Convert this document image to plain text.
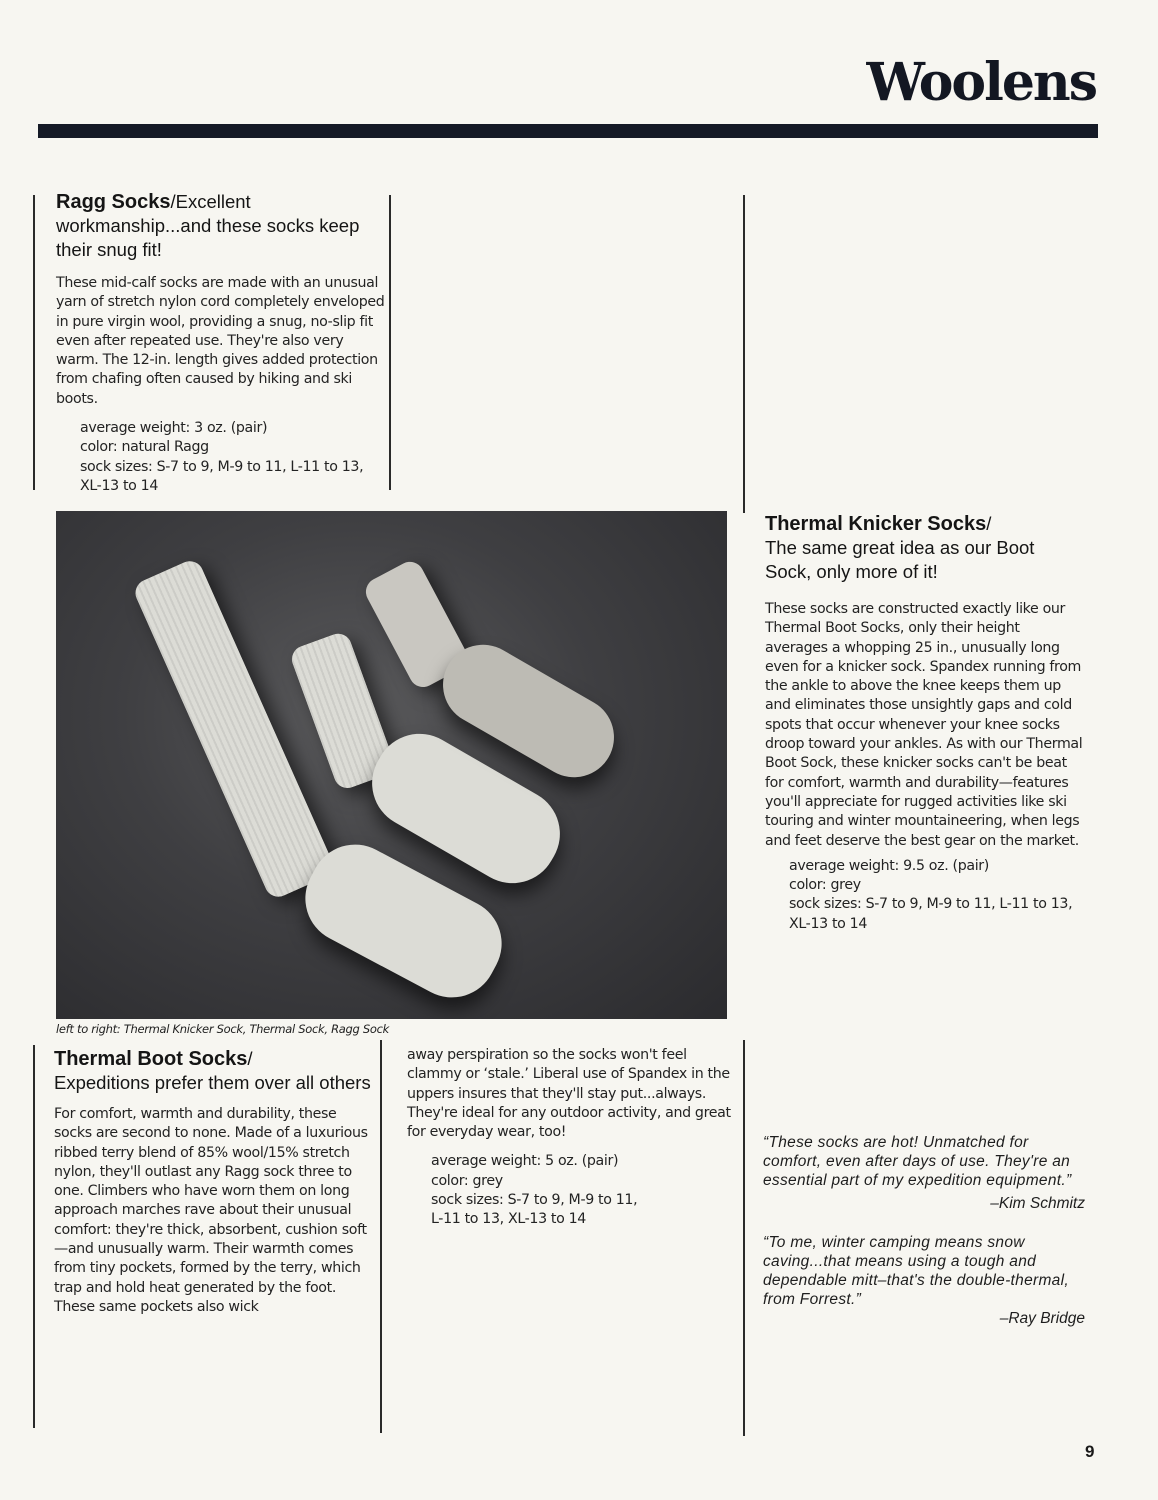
Woolens

Ragg Socks/Excellent workmanship...and these socks keep their snug fit!

These mid-calf socks are made with an unusual yarn of stretch nylon cord completely enveloped in pure virgin wool, providing a snug, no-slip fit even after repeated use. They're also very warm. The 12-in. length gives added protection from chafing often caused by hiking and ski boots.

average weight: 3 oz. (pair)
color: natural Ragg
sock sizes: S-7 to 9, M-9 to 11, L-11 to 13,
XL-13 to 14
left to right: Thermal Knicker Sock, Thermal Sock, Ragg Sock

Thermal Knicker Socks/
The same great idea as our Boot Sock, only more of it!

These socks are constructed exactly like our Thermal Boot Socks, only their height averages a whopping 25 in., unusually long even for a knicker sock. Spandex running from the ankle to above the knee keeps them up and eliminates those unsightly gaps and cold spots that occur whenever your knee socks droop toward your ankles. As with our Thermal Boot Sock, these knicker socks can't be beat for comfort, warmth and durability—features you'll appreciate for rugged activities like ski touring and winter mountaineering, when legs and feet deserve the best gear on the market.

average weight: 9.5 oz. (pair)
color: grey
sock sizes: S-7 to 9, M-9 to 11, L-11 to 13,
XL-13 to 14

Thermal Boot Socks/
Expeditions prefer them over all others

For comfort, warmth and durability, these socks are second to none. Made of a luxurious ribbed terry blend of 85% wool/15% stretch nylon, they'll outlast any Ragg sock three to one. Climbers who have worn them on long approach marches rave about their unusual comfort: they're thick, absorbent, cushion soft—and unusually warm. Their warmth comes from tiny pockets, formed by the terry, which trap and hold heat generated by the foot. These same pockets also wick

away perspiration so the socks won't feel clammy or ‘stale.’ Liberal use of Spandex in the uppers insures that they'll stay put...always. They're ideal for any outdoor activity, and great for everyday wear, too!

average weight: 5 oz. (pair)
color: grey
sock sizes: S-7 to 9, M-9 to 11,
L-11 to 13, XL-13 to 14

“These socks are hot! Unmatched for comfort, even after days of use. They're an essential part of my expedition equipment.”

–Kim Schmitz

“To me, winter camping means snow caving...that means using a tough and dependable mitt–that's the double-thermal, from Forrest.”

–Ray Bridge

9
